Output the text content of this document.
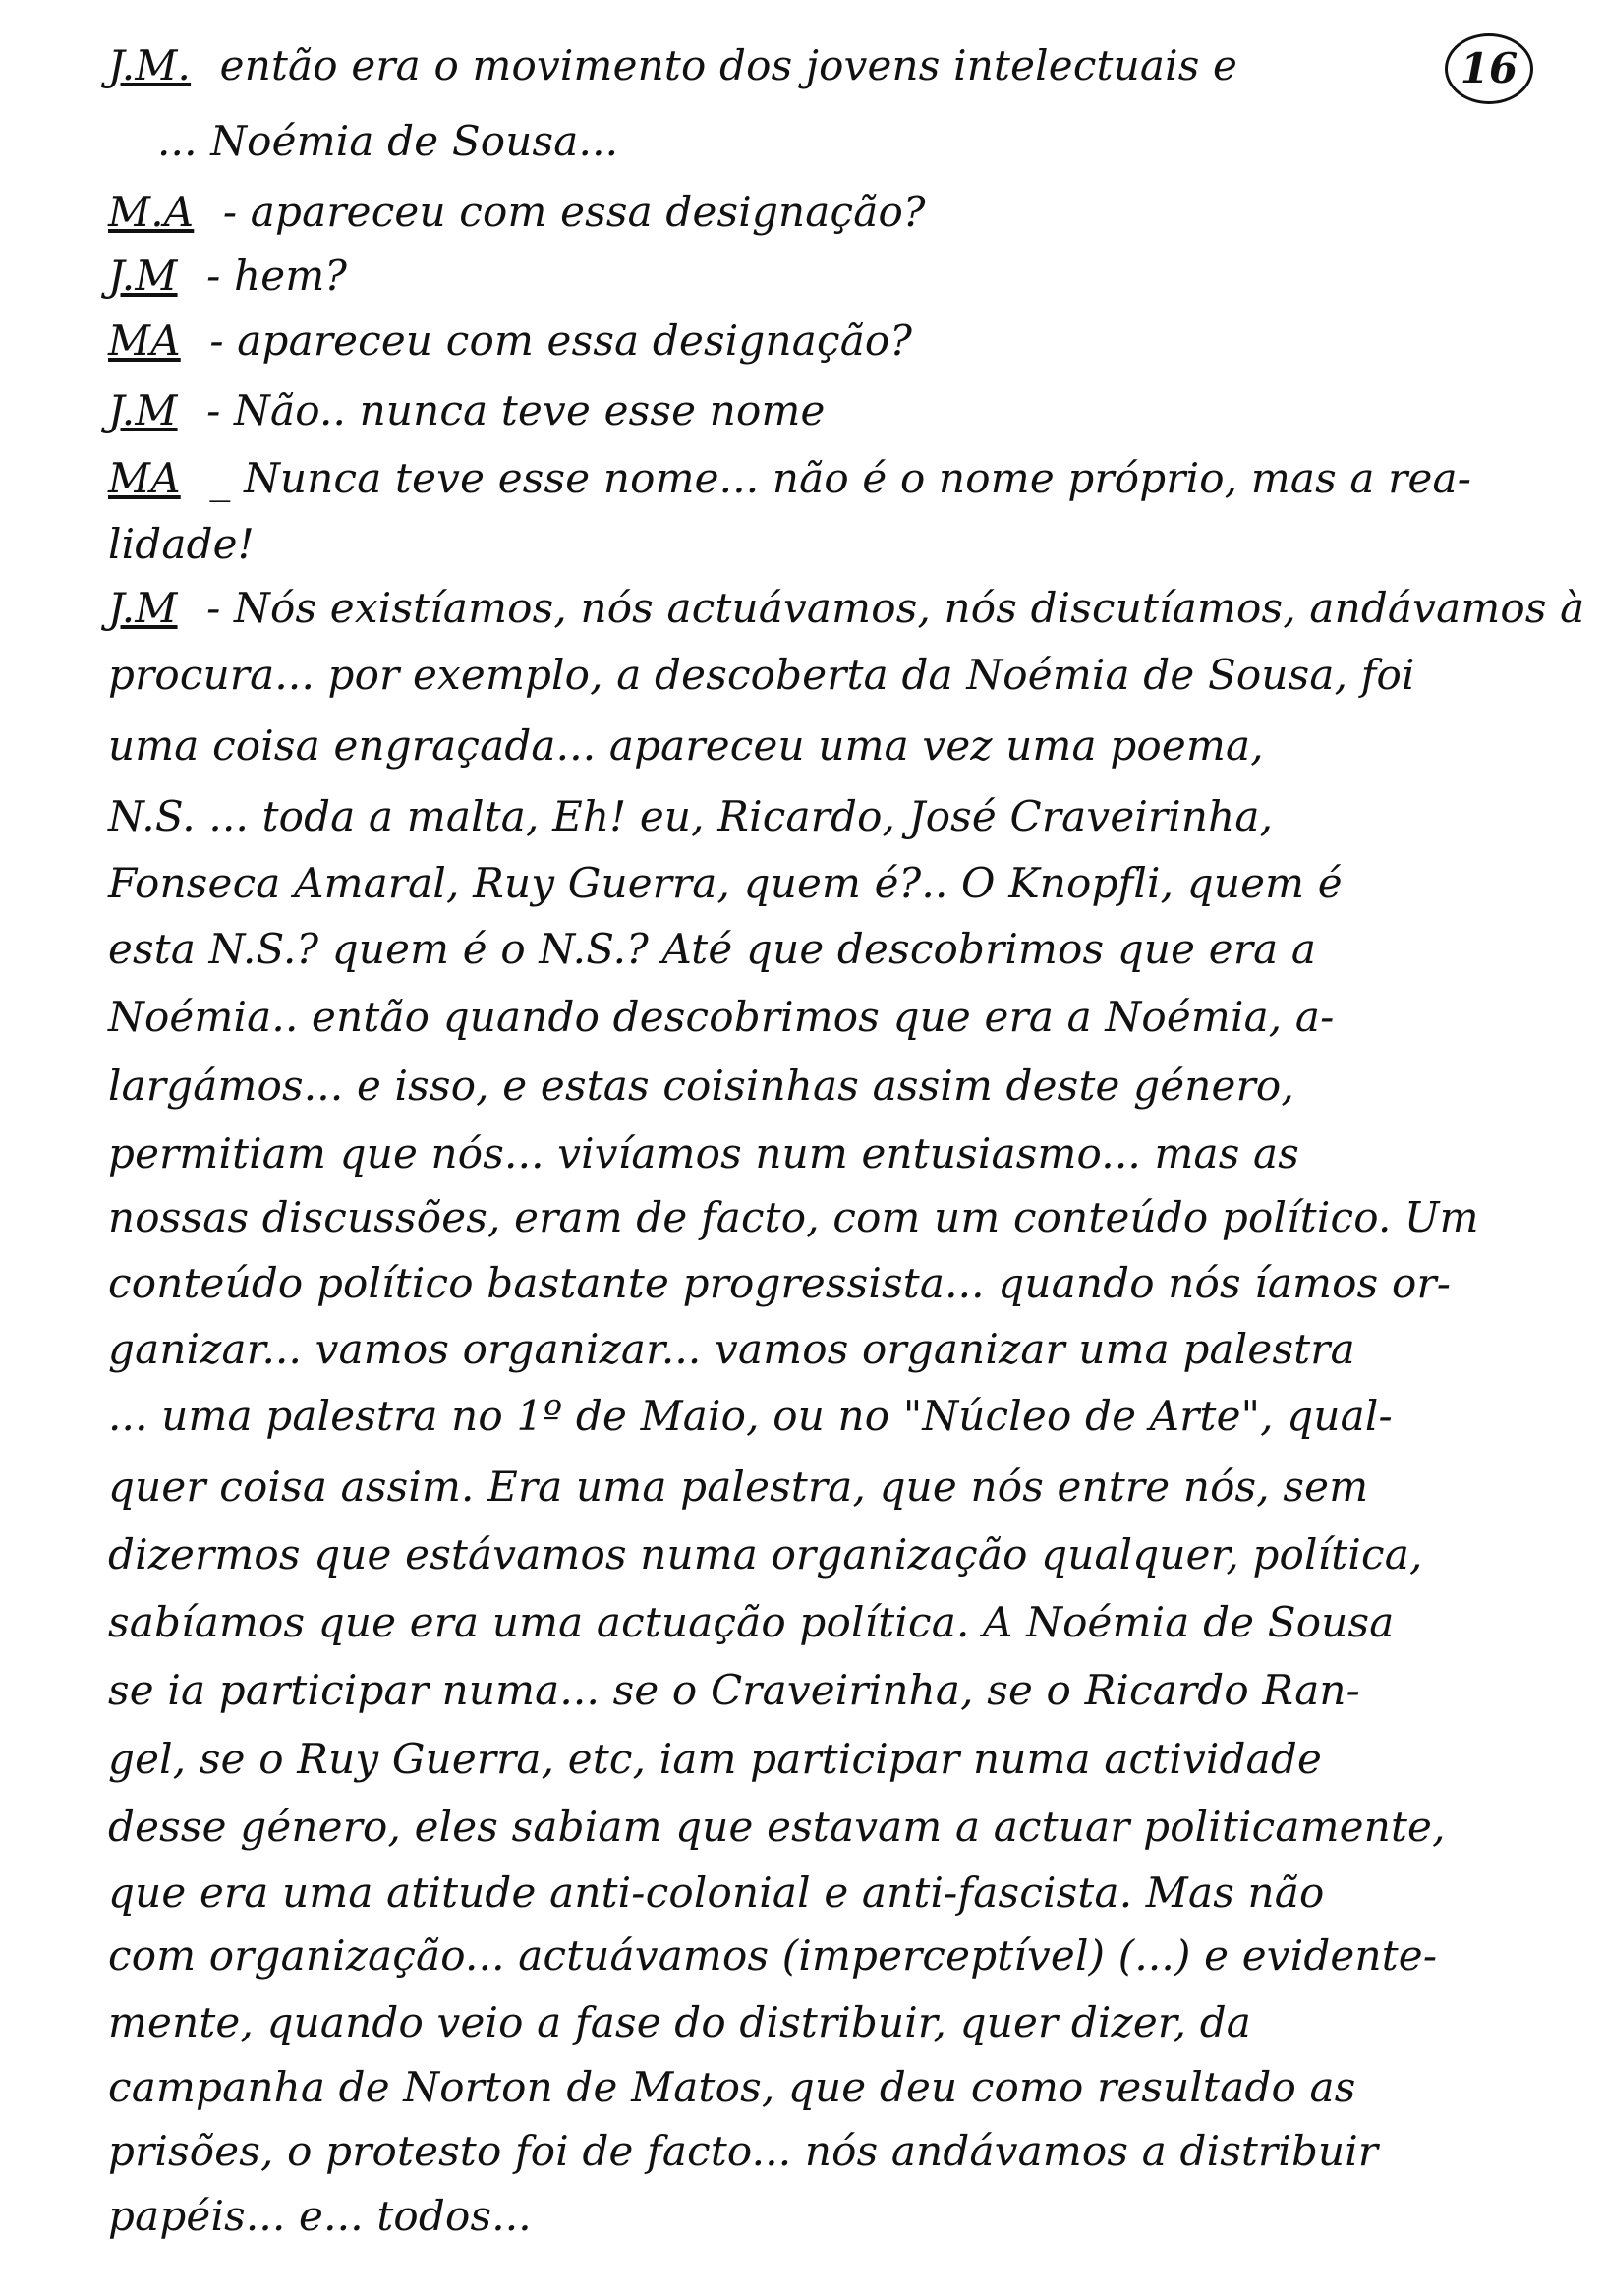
16
J.M. então era o movimento dos jovens intelectuais e
... Noémia de Sousa...
M.A - apareceu com essa designação?
J.M - hem?
MA - apareceu com essa designação?
J.M - Não.. nunca teve esse nome
MA _ Nunca teve esse nome... não é o nome próprio, mas a rea-
lidade!
J.M - Nós existíamos, nós actuávamos, nós discutíamos, andávamos à
procura... por exemplo, a descoberta da Noémia de Sousa, foi
uma coisa engraçada... apareceu uma vez uma poema,
N.S. ... toda a malta, Eh! eu, Ricardo, José Craveirinha,
Fonseca Amaral, Ruy Guerra, quem é?.. O Knopfli, quem é
esta N.S.? quem é o N.S.? Até que descobrimos que era a
Noémia.. então quando descobrimos que era a Noémia, a-
largámos... e isso, e estas coisinhas assim deste género,
permitiam que nós... vivíamos num entusiasmo... mas as
nossas discussões, eram de facto, com um conteúdo político. Um
conteúdo político bastante progressista... quando nós íamos or-
ganizar... vamos organizar... vamos organizar uma palestra
... uma palestra no 1º de Maio, ou no "Núcleo de Arte", qual-
quer coisa assim. Era uma palestra, que nós entre nós, sem
dizermos que estávamos numa organização qualquer, política,
sabíamos que era uma actuação política. A Noémia de Sousa
se ia participar numa... se o Craveirinha, se o Ricardo Ran-
gel, se o Ruy Guerra, etc, iam participar numa actividade
desse género, eles sabiam que estavam a actuar politicamente,
que era uma atitude anti-colonial e anti-fascista. Mas não
com organização... actuávamos (imperceptível) (...) e evidente-
mente, quando veio a fase do distribuir, quer dizer, da
campanha de Norton de Matos, que deu como resultado as
prisões, o protesto foi de facto... nós andávamos a distribuir
papéis... e... todos...
